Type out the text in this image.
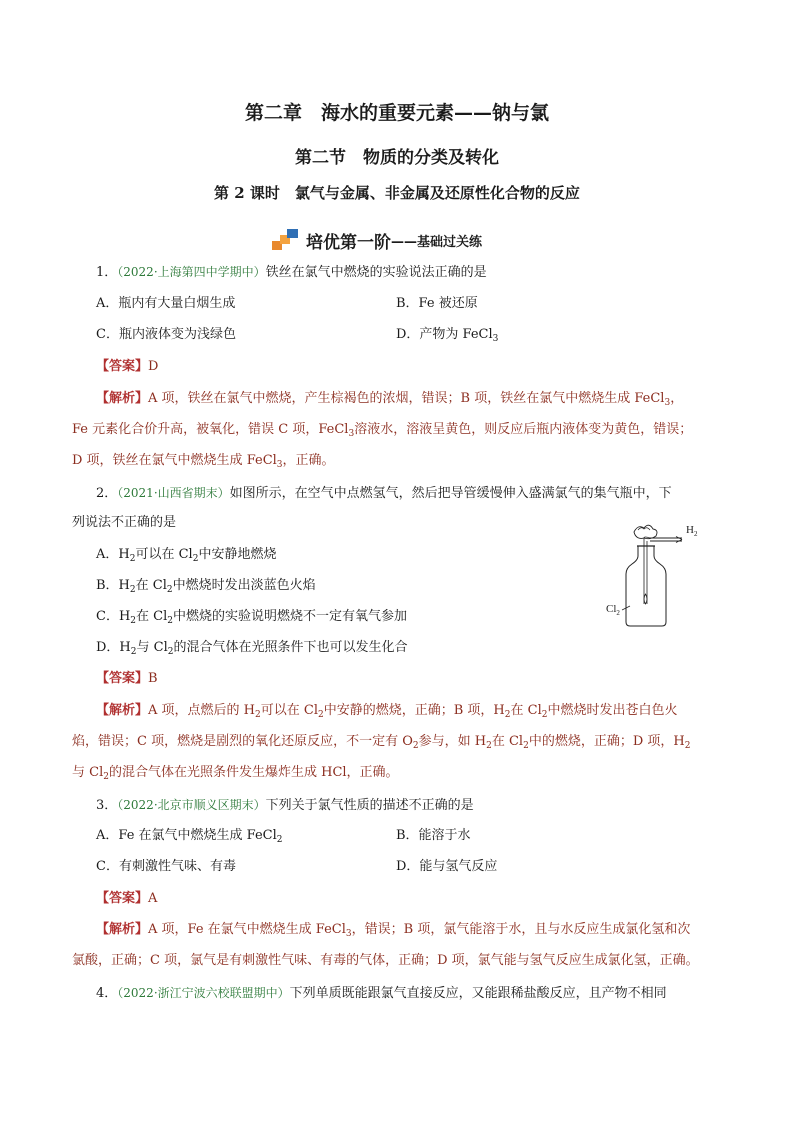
第二章　海水的重要元素——钠与氯
第二节　物质的分类及转化
第 2 课时　氯气与金属、非金属及还原性化合物的反应
培优第一阶 ——基础过关练
1．（2022·上海第四中学期中）铁丝在氯气中燃烧的实验说法正确的是
A．瓶内有大量白烟生成	B．Fe 被还原
C．瓶内液体变为浅绿色	D．产物为 FeCl$_3$
【答案】D
【解析】A 项，铁丝在氯气中燃烧，产生棕褐色的浓烟，错误；B 项，铁丝在氯气中燃烧生成 FeCl$_3$，
Fe 元素化合价升高，被氧化，错误 C 项，FeCl$_3$溶液水，溶液呈黄色，则反应后瓶内液体变为黄色，错误；
D 项，铁丝在氯气中燃烧生成 FeCl$_3$，正确。
2．（2021·山西省期末）如图所示，在空气中点燃氢气，然后把导管缓慢伸入盛满氯气的集气瓶中，下
列说法不正确的是
A．$H_2$可以在 $Cl_2$中安静地燃烧
B．$H_2$在 $Cl_2$中燃烧时发出淡蓝色火焰
C．$H_2$在 $Cl_2$中燃烧的实验说明燃烧不一定有氧气参加
D．$H_2$与 $Cl_2$的混合气体在光照条件下也可以发生化合
【答案】B
【解析】A 项，点燃后的 $H_2$可以在 $Cl_2$中安静的燃烧，正确；B 项，$H_2$在 $Cl_2$中燃烧时发出苍白色火
焰，错误；C 项，燃烧是剧烈的氧化还原反应，不一定有 $O_2$参与，如 $H_2$在 $Cl_2$中的燃烧，正确；D 项，$H_2$
与 $Cl_2$的混合气体在光照条件发生爆炸生成 HCl，正确。
$H_2$
$Cl_2$
3．（2022·北京市顺义区期末）下列关于氯气性质的描述不正确的是
A．Fe 在氯气中燃烧生成 FeCl$_2$	B．能溶于水
C．有刺激性气味、有毒	D．能与氢气反应
【答案】A
【解析】A 项，Fe 在氯气中燃烧生成 FeCl$_3$，错误；B 项，氯气能溶于水，且与水反应生成氯化氢和次
氯酸，正确；C 项，氯气是有刺激性气味、有毒的气体，正确；D 项，氯气能与氢气反应生成氯化氢，正确。
4．（2022·浙江宁波六校联盟期中）下列单质既能跟氯气直接反应，又能跟稀盐酸反应，且产物不相同
